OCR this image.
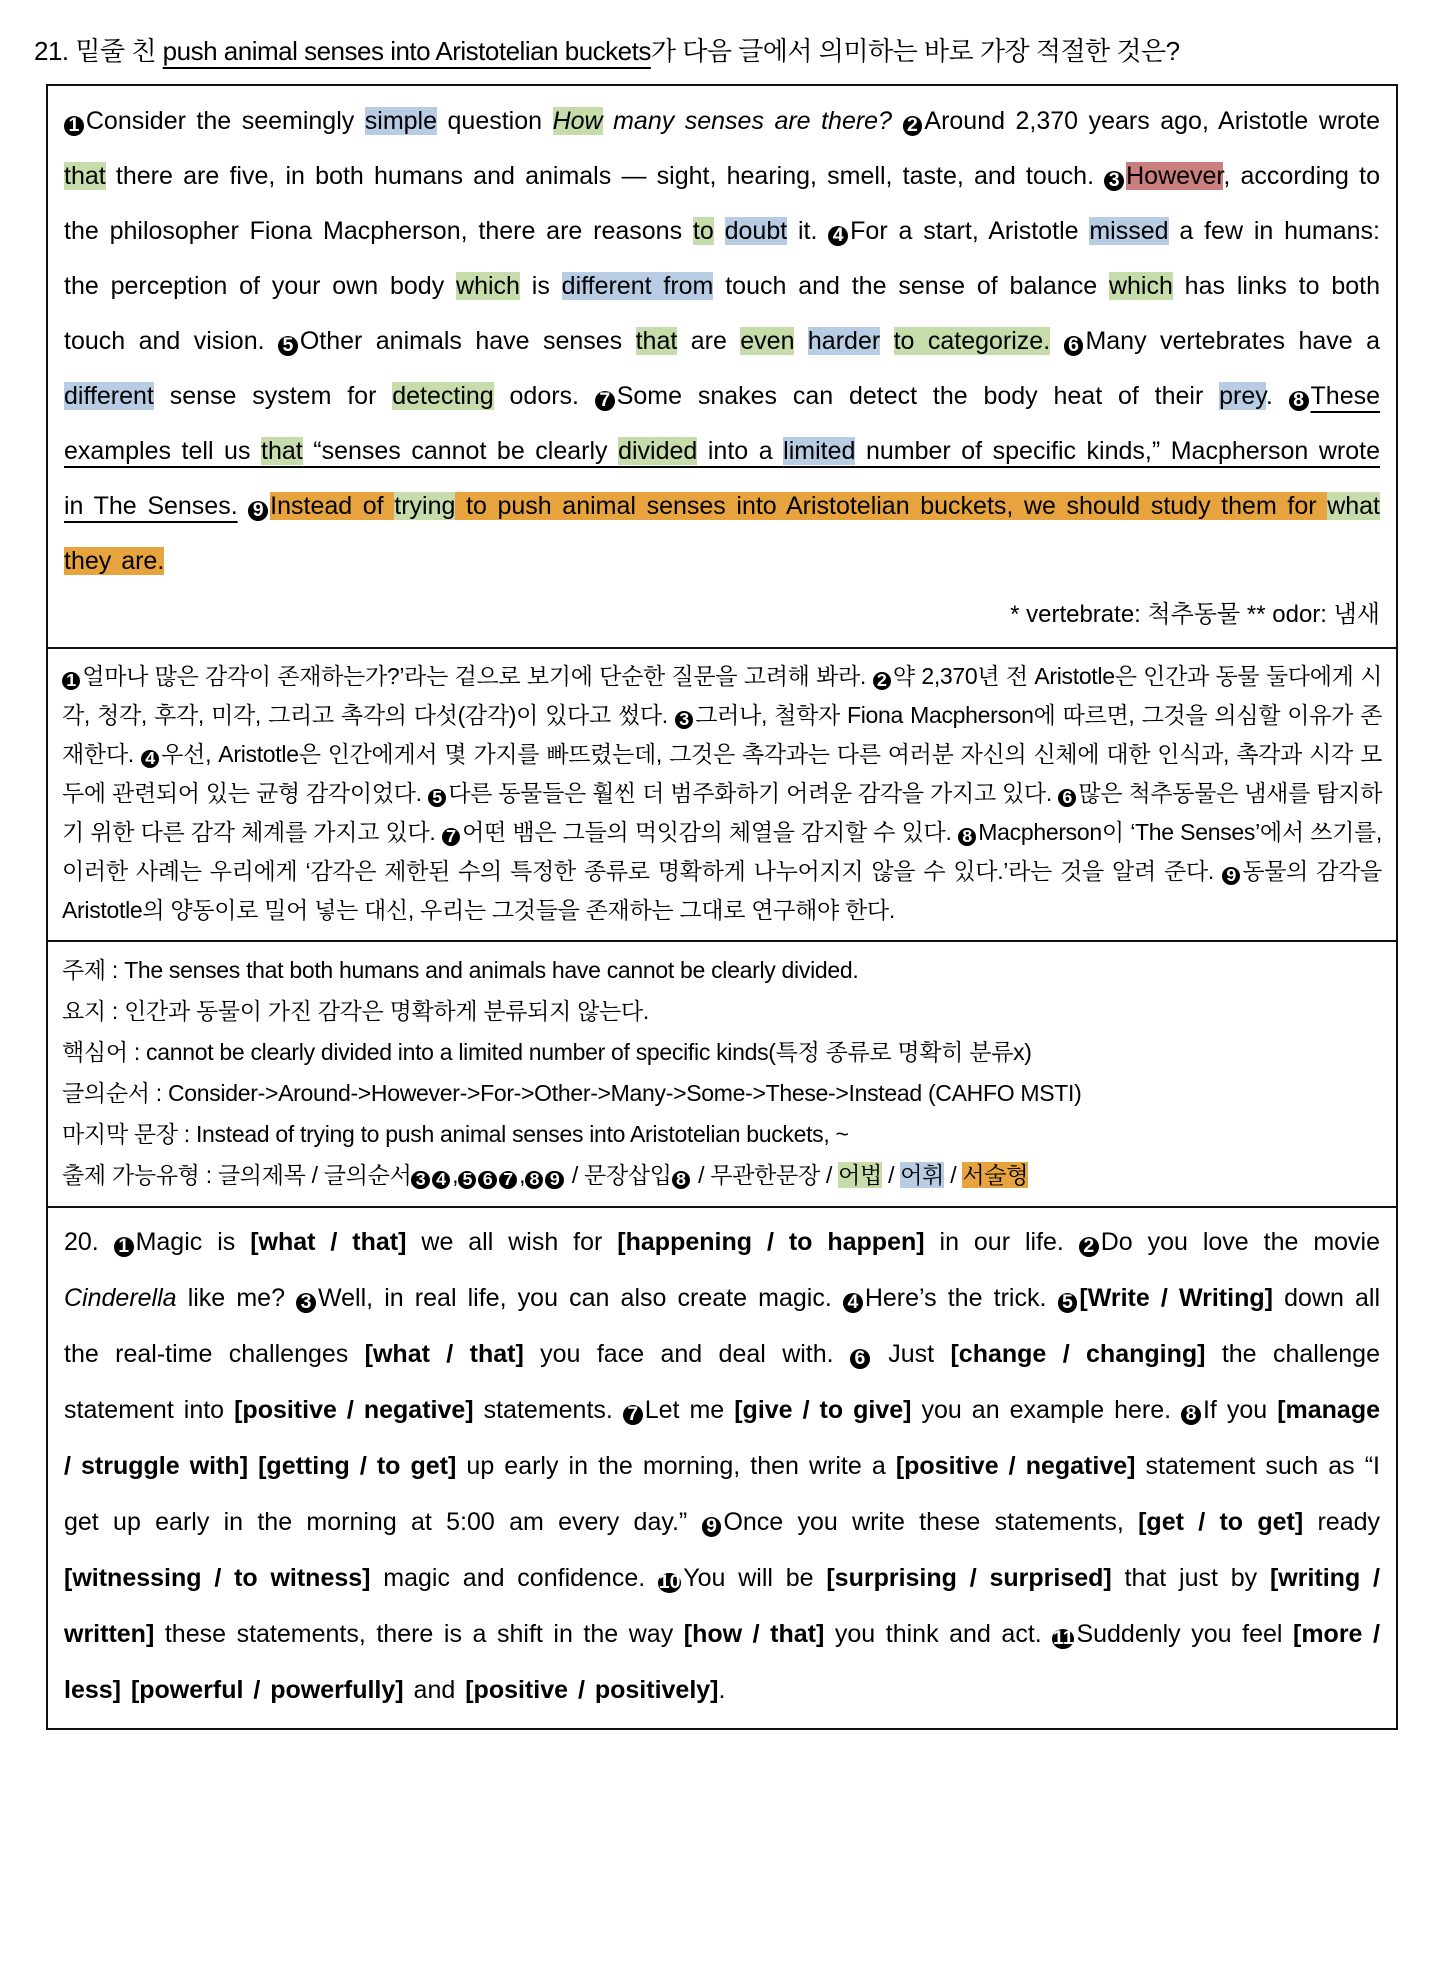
21. 밑줄 친 push animal senses into Aristotelian buckets가 다음 글에서 의미하는 바로 가장 적절한 것은?
1 Consider the seemingly simple question How many senses are there? 2 Around 2,370 years ago, Aristotle wrote that there are five, in both humans and animals — sight, hearing, smell, taste, and touch. 3 However, according to the philosopher Fiona Macpherson, there are reasons to doubt it. 4 For a start, Aristotle missed a few in humans: the perception of your own body which is different from touch and the sense of balance which has links to both touch and vision. 5 Other animals have senses that are even harder to categorize. 6 Many vertebrates have a different sense system for detecting odors. 7 Some snakes can detect the body heat of their prey. 8 These examples tell us that “senses cannot be clearly divided into a limited number of specific kinds,” Macpherson wrote in The Senses. 9 Instead of trying to push animal senses into Aristotelian buckets, we should study them for what they are.
* vertebrate: 척추동물 ** odor: 냄새
1 얼마나 많은 감각이 존재하는가?’라는 겉으로 보기에 단순한 질문을 고려해 봐라. 2 약 2,370년 전 Aristotle은 인간과 동물 둘다에게 시각, 청각, 후각, 미각, 그리고 촉각의 다섯(감각)이 있다고 썼다. 3 그러나, 철학자 Fiona Macpherson에 따르면, 그것을 의심할 이유가 존재한다. 4 우선, Aristotle은 인간에게서 몇 가지를 빠뜨렸는데, 그것은 촉각과는 다른 여러분 자신의 신체에 대한 인식과, 촉각과 시각 모두에 관련되어 있는 균형 감각이었다. 5 다른 동물들은 훨씬 더 범주화하기 어려운 감각을 가지고 있다. 6 많은 척추동물은 냄새를 탐지하기 위한 다른 감각 체계를 가지고 있다. 7 어떤 뱀은 그들의 먹잇감의 체열을 감지할 수 있다. 8 Macpherson이 ‘The Senses’에서 쓰기를, 이러한 사례는 우리에게 ‘감각은 제한된 수의 특정한 종류로 명확하게 나누어지지 않을 수 있다.’라는 것을 알려 준다. 9 동물의 감각을 Aristotle의 양동이로 밀어 넣는 대신, 우리는 그것들을 존재하는 그대로 연구해야 한다.
주제 : The senses that both humans and animals have cannot be clearly divided.
요지 : 인간과 동물이 가진 감각은 명확하게 분류되지 않는다.
핵심어 : cannot be clearly divided into a limited number of specific kinds(특정 종류로 명확히 분류x)
글의순서 : Consider->Around->However->For->Other->Many->Some->These->Instead (CAHFO MSTI)
마지막 문장 : Instead of trying to push animal senses into Aristotelian buckets, ~
출제 가능유형 : 글의제목 / 글의순서 3 4 , 5 6 7 , 8 9 / 문장삽입 8 / 무관한문장 / 어법 / 어휘 / 서술형
20. 1 Magic is [what / that] we all wish for [happening / to happen] in our life. 2 Do you love the movie Cinderella like me? 3 Well, in real life, you can also create magic. 4 Here’s the trick. 5 [Write / Writing] down all the real-time challenges [what / that] you face and deal with. 6 Just [change / changing] the challenge statement into [positive / negative] statements. 7 Let me [give / to give] you an example here. 8 If you [manage / struggle with] [getting / to get] up early in the morning, then write a [positive / negative] statement such as “I get up early in the morning at 5:00 am every day.” 9 Once you write these statements, [get / to get] ready [witnessing / to witness] magic and confidence. 10 You will be [surprising / surprised] that just by [writing / written] these statements, there is a shift in the way [how / that] you think and act. 11 Suddenly you feel [more / less] [powerful / powerfully] and [positive / positively].
